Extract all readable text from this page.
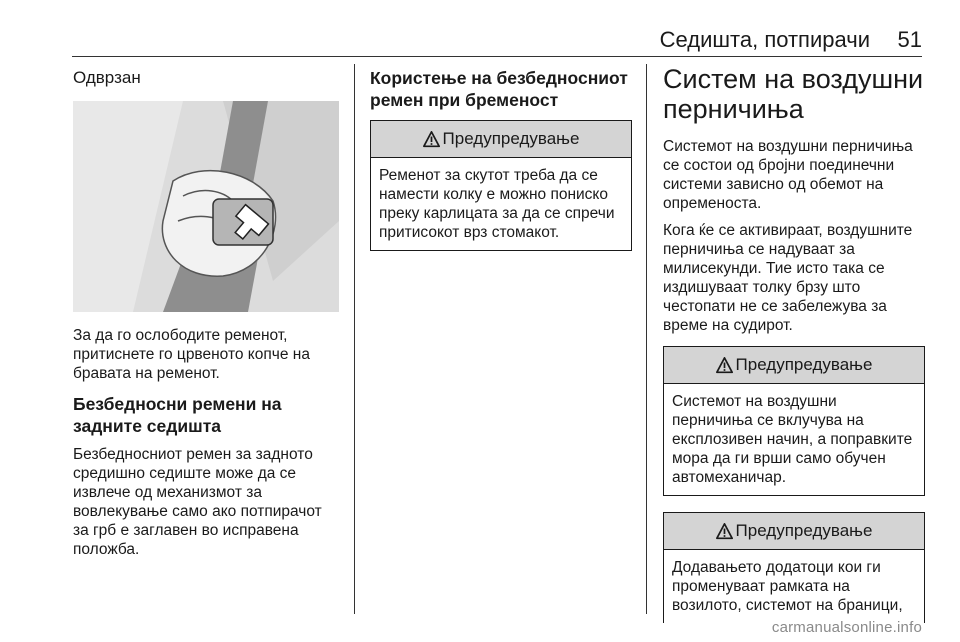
Седишта, потпирачи 51
Одврзан

За да го ослободите ременот, притиснете го црвеното копче на бравата на ременот.

Безбедносни ремени на задните седишта

Безбедносниот ремен за задното средишно седиште може да се извлече од механизмот за вовлекување само ако потпирачот за грб е заглавен во исправена положба.

Користење на безбедносниот ремен при бременост
Предупредување
Ременот за скутот треба да се намести колку е можно пониско преку карлицата за да се спречи притисокот врз стомакот.
Систем на воздушни перничиња

Системот на воздушни перничиња се состои од бројни поединечни системи зависно од обемот на опременоста.

Кога ќе се активираат, воздушните перничиња се надуваат за милисекунди. Тие исто така се издишуваат толку брзу што честопати не се забележува за време на судирот.

Предупредување
Системот на воздушни перничиња се вклучува на експлозивен начин, а поправките мора да ги врши само обучен автомеханичар.
Предупредување
Додавањето додатоци кои ги променуваат рамката на возилото, системот на браници,
carmanualsonline.info
